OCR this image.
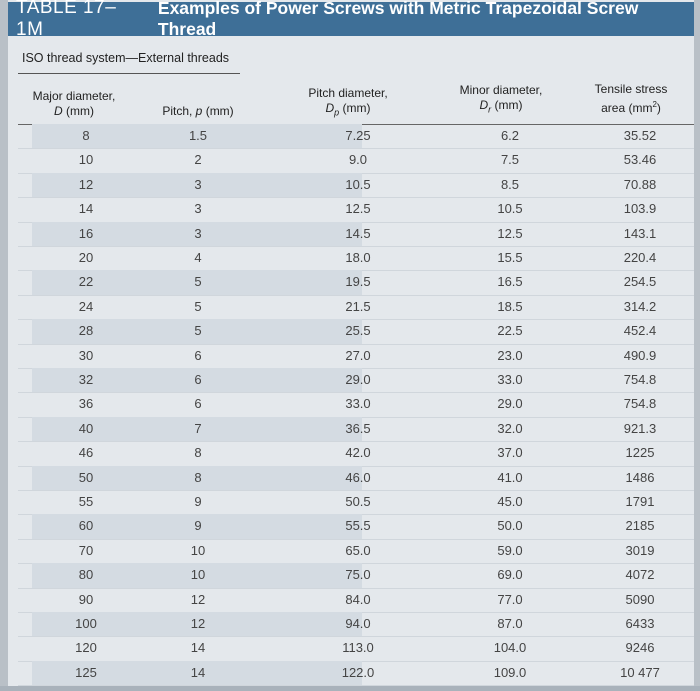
TABLE 17–1M
Examples of Power Screws with Metric Trapezoidal Screw Thread
ISO thread system—External threads
Major diameter,
D (mm)	Pitch, p (mm)
Pitch diameter,
$D_p$ (mm)
Minor diameter,
$D_r$ (mm)
Tensile stress
area $(mm^2)$
8	1.5	7.25	6.2	35.52
10	2	9.0	7.5	53.46
12	3	10.5	8.5	70.88
14	3	12.5	10.5	103.9
16	3	14.5	12.5	143.1
20	4	18.0	15.5	220.4
22	5	19.5	16.5	254.5
24	5	21.5	18.5	314.2
28	5	25.5	22.5	452.4
30	6	27.0	23.0	490.9
32	6	29.0	33.0	754.8
36	6	33.0	29.0	754.8
40	7	36.5	32.0	921.3
46	8	42.0	37.0	1225
50	8	46.0	41.0	1486
55	9	50.5	45.0	1791
60	9	55.5	50.0	2185
70	10	65.0	59.0	3019
80	10	75.0	69.0	4072
90	12	84.0	77.0	5090
100	12	94.0	87.0	6433
120	14	113.0	104.0	9246
125	14	122.0	109.0	10 477
